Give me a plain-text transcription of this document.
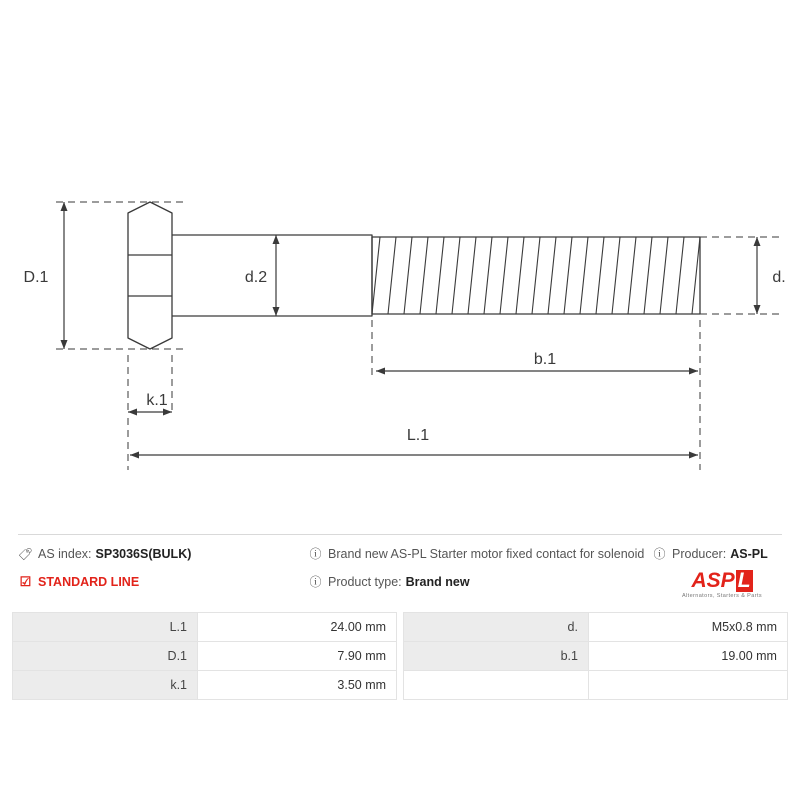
D.1	d.2	d.
k.1
b.1
L.1
🏷 AS index: SP3036S(BULK)
☑ STANDARD LINE
ⓘ Brand new AS-PL Starter motor fixed contact for solenoid
ⓘ Product type: Brand new
ⓘ Producer: AS-PL
ASP L
Alternators, Starters & Parts
L.1	24.00 mm
D.1	7.90 mm
k.1	3.50 mm
d.	M5x0.8 mm
b.1	19.00 mm
